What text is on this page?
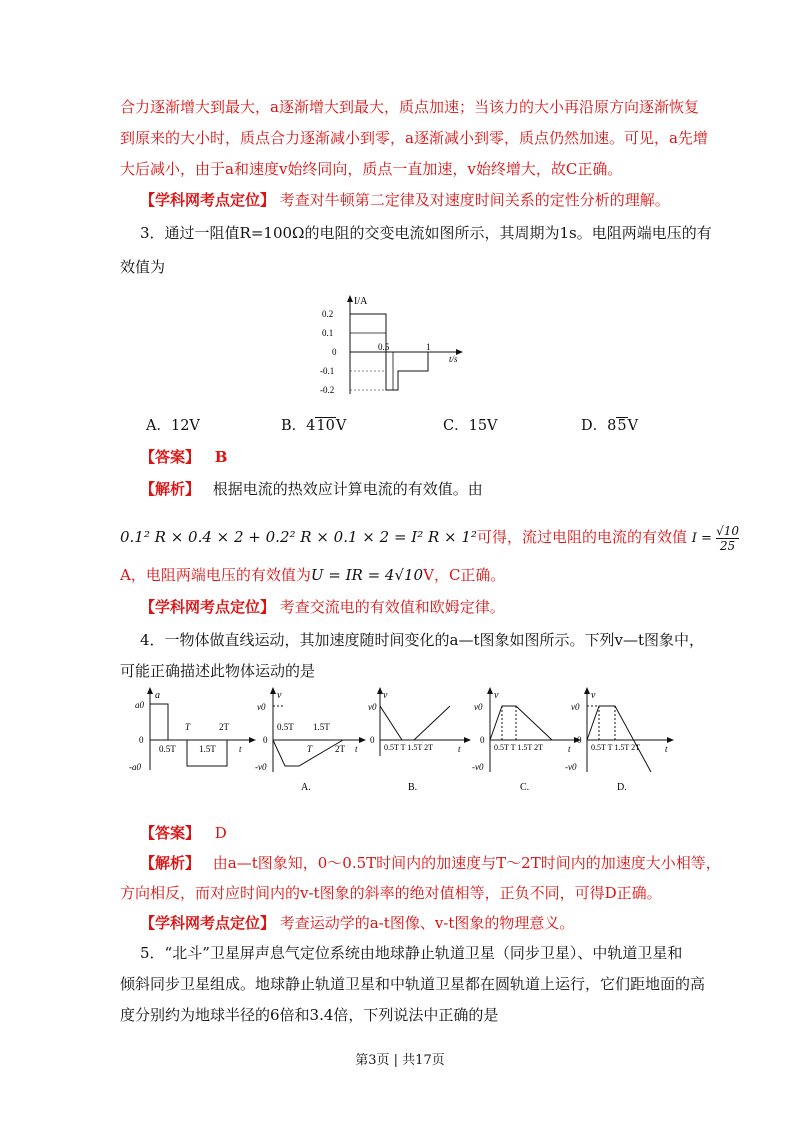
合力逐渐增大到最大，a逐渐增大到最大，质点加速；当该力的大小再沿原方向逐渐恢复
到原来的大小时，质点合力逐渐减小到零，a逐渐减小到零，质点仍然加速。可见，a先增
大后减小，由于a和速度v始终同向，质点一直加速，v始终增大，故C正确。
【学科网考点定位】 考查对牛顿第二定律及对速度时间关系的定性分析的理解。
3．通过一阻值R=100Ω的电阻的交变电流如图所示，其周期为1s。电阻两端电压的有
效值为
I/A
t/s
0.2
0.1
0
-0.1
-0.2
0.5	1
A．12V	B．410V	C．15V	D．85V
【答案】 B
【解析】 根据电流的热效应计算电流的有效值。由
0.1² R × 0.4 × 2 + 0.2² R × 0.1 × 2 = I² R × 1²可得，流过电阻的电流的有效值 $I = \frac{√10}{25}$
A，电阻两端电压的有效值为U = IR = 4√10V，C正确。
【学科网考点定位】 考查交流电的有效值和欧姆定律。
4．一物体做直线运动，其加速度随时间变化的a—t图象如图所示。下列v—t图象中，
可能正确描述此物体运动的是
a
a0
0
-a0
0.5T
T
1.5T
2T
t
v
v0
0
-v0
0.5T 1.5T
T	2T t
A.
v
v0
0
0.5T T 1.5T 2T	t
B.
v
v0
0
-v0
0.5T T 1.5T 2T	t
C.
v
v0
0
-v0
0.5T T 1.5T 2T	t
D.
【答案】 D
【解析】 由a—t图象知，0～0.5T时间内的加速度与T～2T时间内的加速度大小相等，
方向相反，而对应时间内的v-t图象的斜率的绝对值相等，正负不同，可得D正确。
【学科网考点定位】 考查运动学的a-t图像、v-t图象的物理意义。
5．“北斗”卫星屏声息气定位系统由地球静止轨道卫星（同步卫星）、中轨道卫星和
倾斜同步卫星组成。地球静止轨道卫星和中轨道卫星都在圆轨道上运行，它们距地面的高
度分别约为地球半径的6倍和3.4倍，下列说法中正确的是
第3页 | 共17页
